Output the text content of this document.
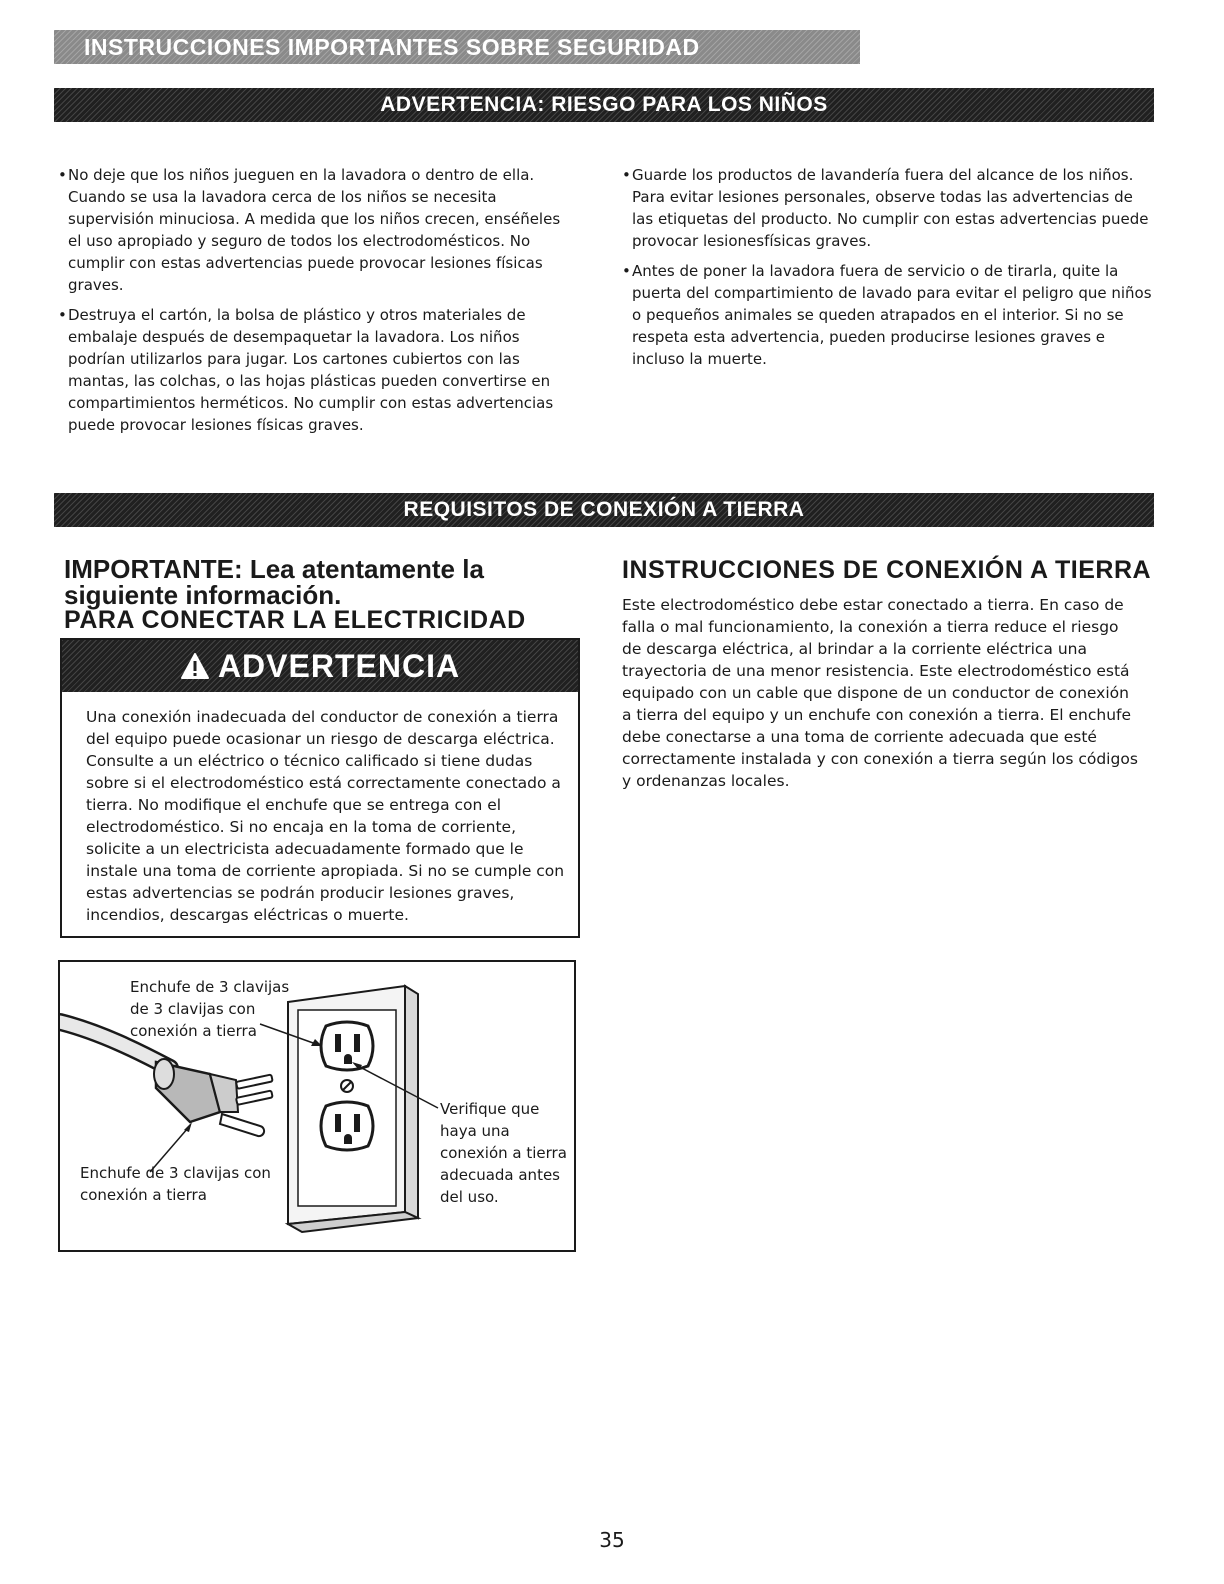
INSTRUCCIONES IMPORTANTES SOBRE SEGURIDAD
ADVERTENCIA: RIESGO PARA LOS NIÑOS

• No deje que los niños jueguen en la lavadora o dentro de ella. Cuando se usa la lavadora cerca de los niños se necesita supervisión minuciosa. A medida que los niños crecen, enséñeles el uso apropiado y seguro de todos los electrodomésticos. No cumplir con estas advertencias puede provocar lesiones físicas graves.

• Destruya el cartón, la bolsa de plástico y otros materiales de embalaje después de desempaquetar la lavadora. Los niños podrían utilizarlos para jugar. Los cartones cubiertos con las mantas, las colchas, o las hojas plásticas pueden convertirse en compartimientos herméticos. No cumplir con estas advertencias puede provocar lesiones físicas graves.

• Guarde los productos de lavandería fuera del alcance de los niños. Para evitar lesiones personales, observe todas las advertencias de las etiquetas del producto. No cumplir con estas advertencias puede provocar lesionesfísicas graves.

• Antes de poner la lavadora fuera de servicio o de tirarla, quite la puerta del compartimiento de lavado para evitar el peligro que niños o pequeños animales se queden atrapados en el interior. Si no se respeta esta advertencia, pueden producirse lesiones graves e incluso la muerte.

REQUISITOS DE CONEXIÓN A TIERRA
IMPORTANTE: Lea atentamente la siguiente información.
PARA CONECTAR LA ELECTRICIDAD
ADVERTENCIA
Una conexión inadecuada del conductor de conexión a tierra del equipo puede ocasionar un riesgo de descarga eléctrica. Consulte a un eléctrico o técnico calificado si tiene dudas sobre si el electrodoméstico está correctamente conectado a tierra. No modifique el enchufe que se entrega con el electrodoméstico. Si no encaja en la toma de corriente, solicite a un electricista adecuadamente formado que le instale una toma de corriente apropiada. Si no se cumple con estas advertencias se podrán producir lesiones graves, incendios, descargas eléctricas o muerte.
INSTRUCCIONES DE CONEXIÓN A TIERRA
Este electrodoméstico debe estar conectado a tierra. En caso de falla o mal funcionamiento, la conexión a tierra reduce el riesgo de descarga eléctrica, al brindar a la corriente eléctrica una trayectoria de una menor resistencia. Este electrodoméstico está equipado con un cable que dispone de un conductor de conexión a tierra del equipo y un enchufe con conexión a tierra. El enchufe debe conectarse a una toma de corriente adecuada que esté correctamente instalada y con conexión a tierra según los códigos y ordenanzas locales.
Enchufe de 3 clavijas de 3 clavijas con conexión a tierra
Enchufe de 3 clavijas con conexión a tierra
Verifique que haya una conexión a tierra adecuada antes del uso.
35
